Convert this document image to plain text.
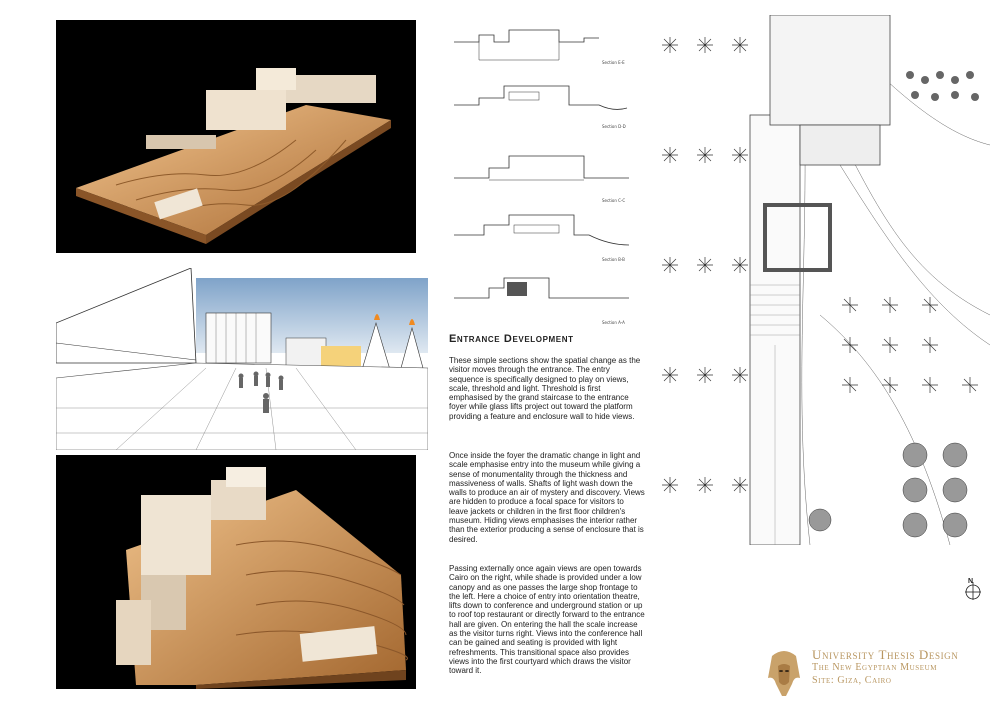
Section E-E
Section D-D
Section C-C
Section B-B
Section A-A
Entrance Development

These simple sections show the spatial change as the visitor moves through the entrance. The entry sequence is specifically designed to play on views, scale, threshold and light. Threshold is first emphasised by the grand staircase to the entrance foyer while glass lifts project out toward the platform providing a feature and enclosure wall to hide views.

Once inside the foyer the dramatic change in light and scale emphasise entry into the museum while giving a sense of monumentality through the thickness and massiveness of walls. Shafts of light wash down the walls to produce an air of mystery and discovery. Views are hidden to produce a focal space for visitors to leave jackets or children in the first floor children's museum. Hiding views emphasises the interior rather than the exterior producing a sense of enclosure that is desired.

Passing externally once again views are open towards Cairo on the right, while shade is provided under a low canopy and as one passes the large shop frontage to the left. Here a choice of entry into orientation theatre, lifts down to conference and underground station or up to roof top restaurant or directly forward to the entrance hall are given. On entering the hall the scale increase as the visitor turns right. Views into the conference hall can be gained and seating is provided with light refreshments. This transitional space also provides views into the first courtyard which draws the visitor toward it.

N
University Thesis Design
The New Egyptian Museum
Site: Giza, Cairo
